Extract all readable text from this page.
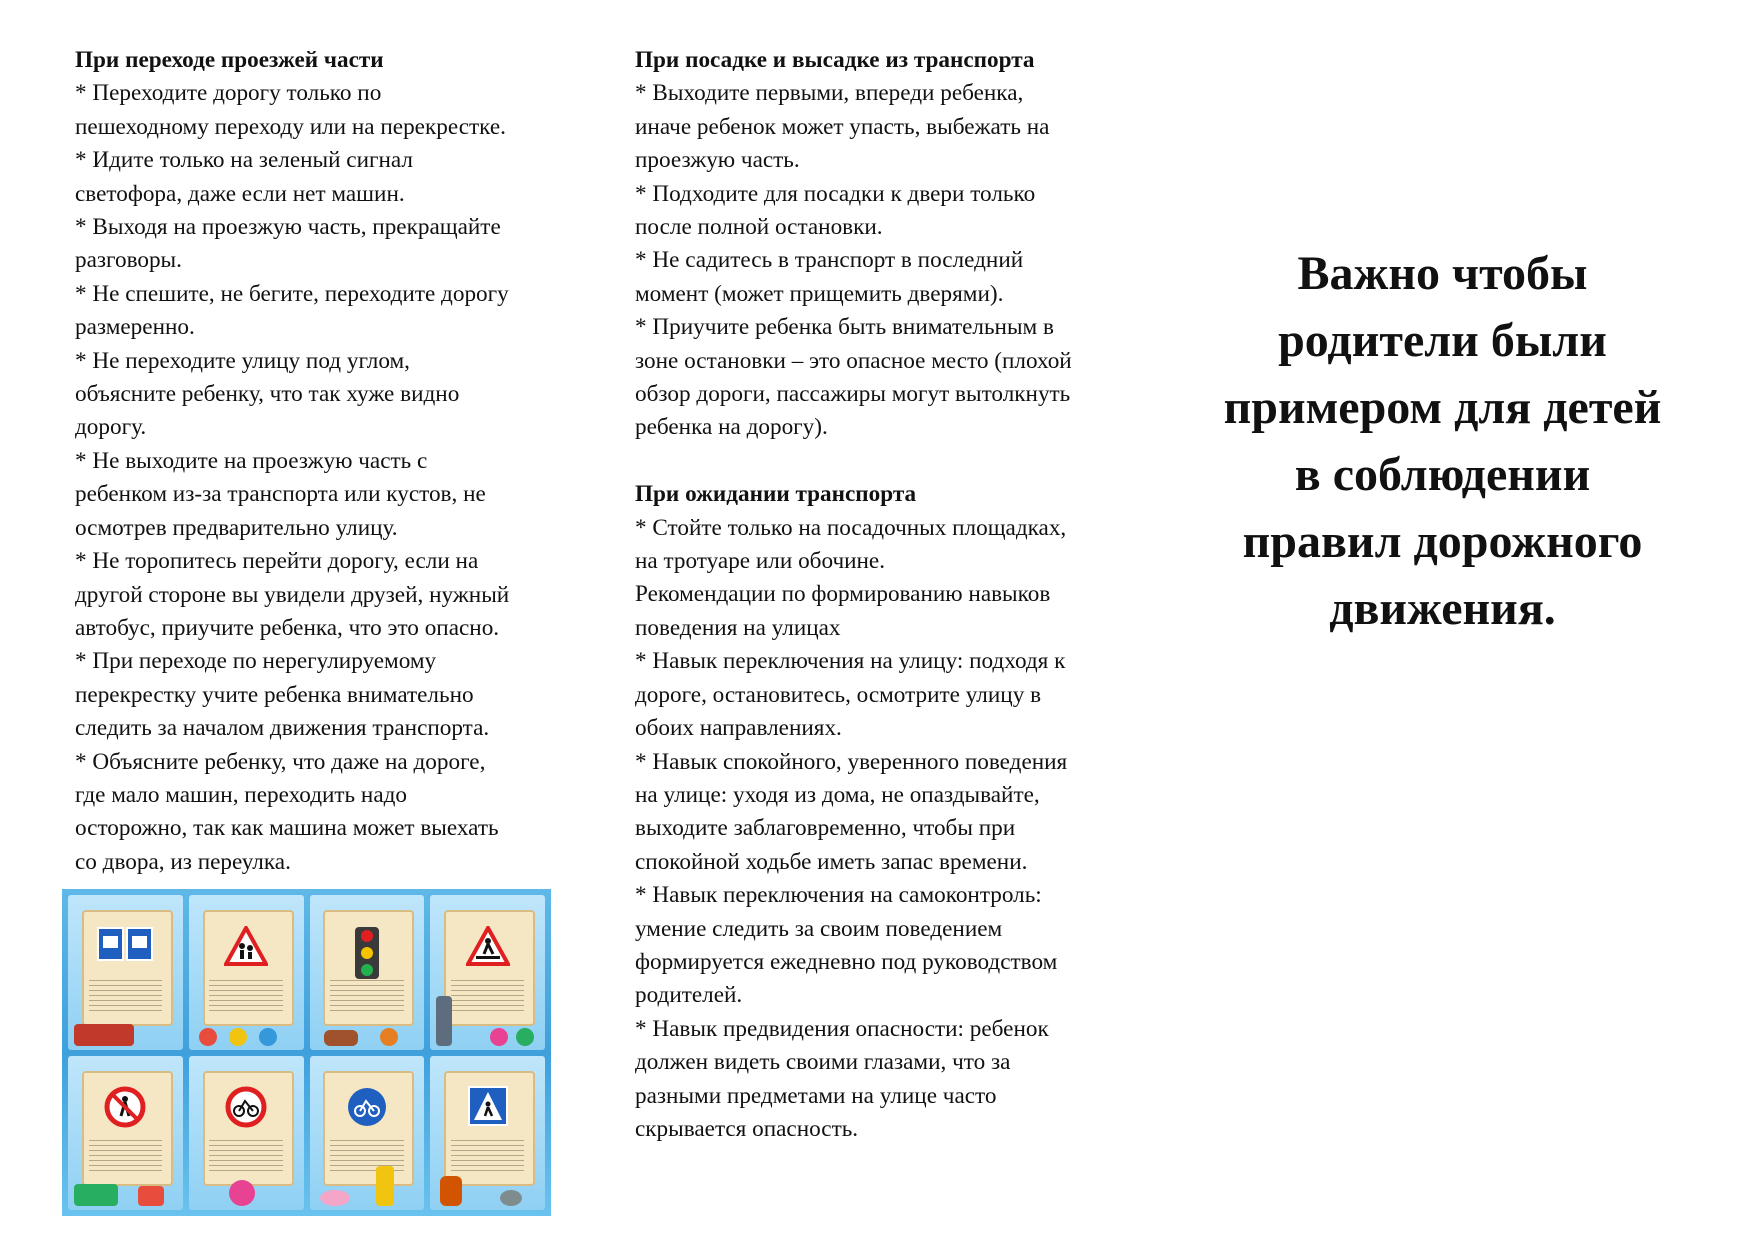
При переходе проезжей части

* Переходите дорогу только по

пешеходному переходу или на перекрестке.

* Идите только на зеленый сигнал

светофора, даже если нет машин.

* Выходя на проезжую часть, прекращайте

разговоры.

* Не спешите, не бегите, переходите дорогу

размеренно.

* Не переходите улицу под углом,

объясните ребенку, что так хуже видно

дорогу.

* Не выходите на проезжую часть с

ребенком из-за транспорта или кустов, не

осмотрев предварительно улицу.

* Не торопитесь перейти дорогу, если на

другой стороне вы увидели друзей, нужный

автобус, приучите ребенка, что это опасно.

* При переходе по нерегулируемому

перекрестку учите ребенка внимательно

следить за началом движения транспорта.

* Объясните ребенку, что даже на дороге,

где мало машин, переходить надо

осторожно, так как машина может выехать

со двора, из переулка.

При посадке и высадке из транспорта

* Выходите первыми, впереди ребенка,

иначе ребенок может упасть, выбежать на

проезжую часть.

* Подходите для посадки к двери только

после полной остановки.

* Не садитесь в транспорт в последний

момент (может прищемить дверями).

* Приучите ребенка быть внимательным в

зоне остановки – это опасное место (плохой

обзор дороги, пассажиры могут вытолкнуть

ребенка на дорогу).

При ожидании транспорта

* Стойте только на посадочных площадках,

на тротуаре или обочине.

Рекомендации по формированию навыков

поведения на улицах

* Навык переключения на улицу: подходя к

дороге, остановитесь, осмотрите улицу в

обоих направлениях.

* Навык спокойного, уверенного поведения

на улице: уходя из дома, не опаздывайте,

выходите заблаговременно, чтобы при

спокойной ходьбе иметь запас времени.

* Навык переключения на самоконтроль:

умение следить за своим поведением

формируется ежедневно под руководством

родителей.

* Навык предвидения опасности: ребенок

должен видеть своими глазами, что за

разными предметами на улице часто

скрывается опасность.

Важно чтобы
родители были
примером для детей
в соблюдении
правил дорожного
движения.
